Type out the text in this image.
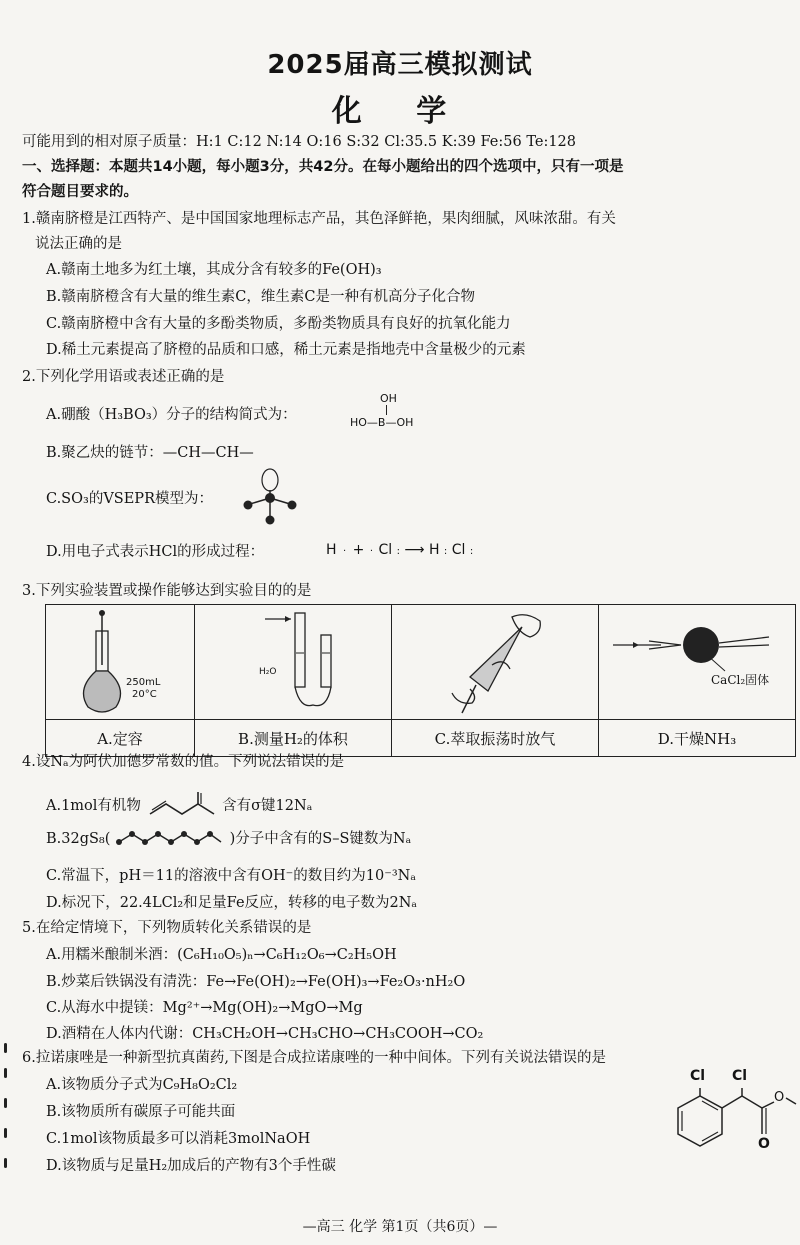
2025届高三模拟测试
化 学
可能用到的相对原子质量：H:1 C:12 N:14 O:16 S:32 Cl:35.5 K:39 Fe:56 Te:128
一、选择题：本题共14小题，每小题3分，共42分。在每小题给出的四个选项中，只有一项是
符合题目要求的。
1.赣南脐橙是江西特产、是中国国家地理标志产品，其色泽鲜艳，果肉细腻，风味浓甜。有关
说法正确的是
A.赣南土地多为红土壤，其成分含有较多的Fe(OH)₃
B.赣南脐橙含有大量的维生素C，维生素C是一种有机高分子化合物
C.赣南脐橙中含有大量的多酚类物质，多酚类物质具有良好的抗氧化能力
D.稀土元素提高了脐橙的品质和口感，稀土元素是指地壳中含量极少的元素
2.下列化学用语或表述正确的是
A.硼酸（H₃BO₃）分子的结构简式为：
OH
HO—B—OH
B.聚乙炔的链节：—CH—CH—
C.SO₃的VSEPR模型为：
D.用电子式表示HCl的形成过程：	H · + · Cl : ⟶ H : Cl :
3.下列实验装置或操作能够达到实验目的的是
250mL
20°C	H₂O		CaCl₂固体

A.定容	B.测量H₂的体积	C.萃取振荡时放气	D.干燥NH₃
4.设Nₐ为阿伏加德罗常数的值。下列说法错误的是
A.1mol有机物	含有σ键12Nₐ
B.32gS₈(	)分子中含有的S–S键数为Nₐ
C.常温下，pH＝11的溶液中含有OH⁻的数目约为10⁻³Nₐ
D.标况下，22.4LCl₂和足量Fe反应，转移的电子数为2Nₐ
5.在给定情境下，下列物质转化关系错误的是
A.用糯米酿制米酒：(C₆H₁₀O₅)ₙ→C₆H₁₂O₆→C₂H₅OH
B.炒菜后铁锅没有清洗：Fe→Fe(OH)₂→Fe(OH)₃→Fe₂O₃·nH₂O
C.从海水中提镁：Mg²⁺→Mg(OH)₂→MgO→Mg
D.酒精在人体内代谢：CH₃CH₂OH→CH₃CHO→CH₃COOH→CO₂
6.拉诺康唑是一种新型抗真菌药,下图是合成拉诺康唑的一种中间体。下列有关说法错误的是
A.该物质分子式为C₉H₈O₂Cl₂
B.该物质所有碳原子可能共面
C.1mol该物质最多可以消耗3molNaOH
D.该物质与足量H₂加成后的产物有3个手性碳
Cl Cl
O
O
—高三 化学 第1页（共6页）—
